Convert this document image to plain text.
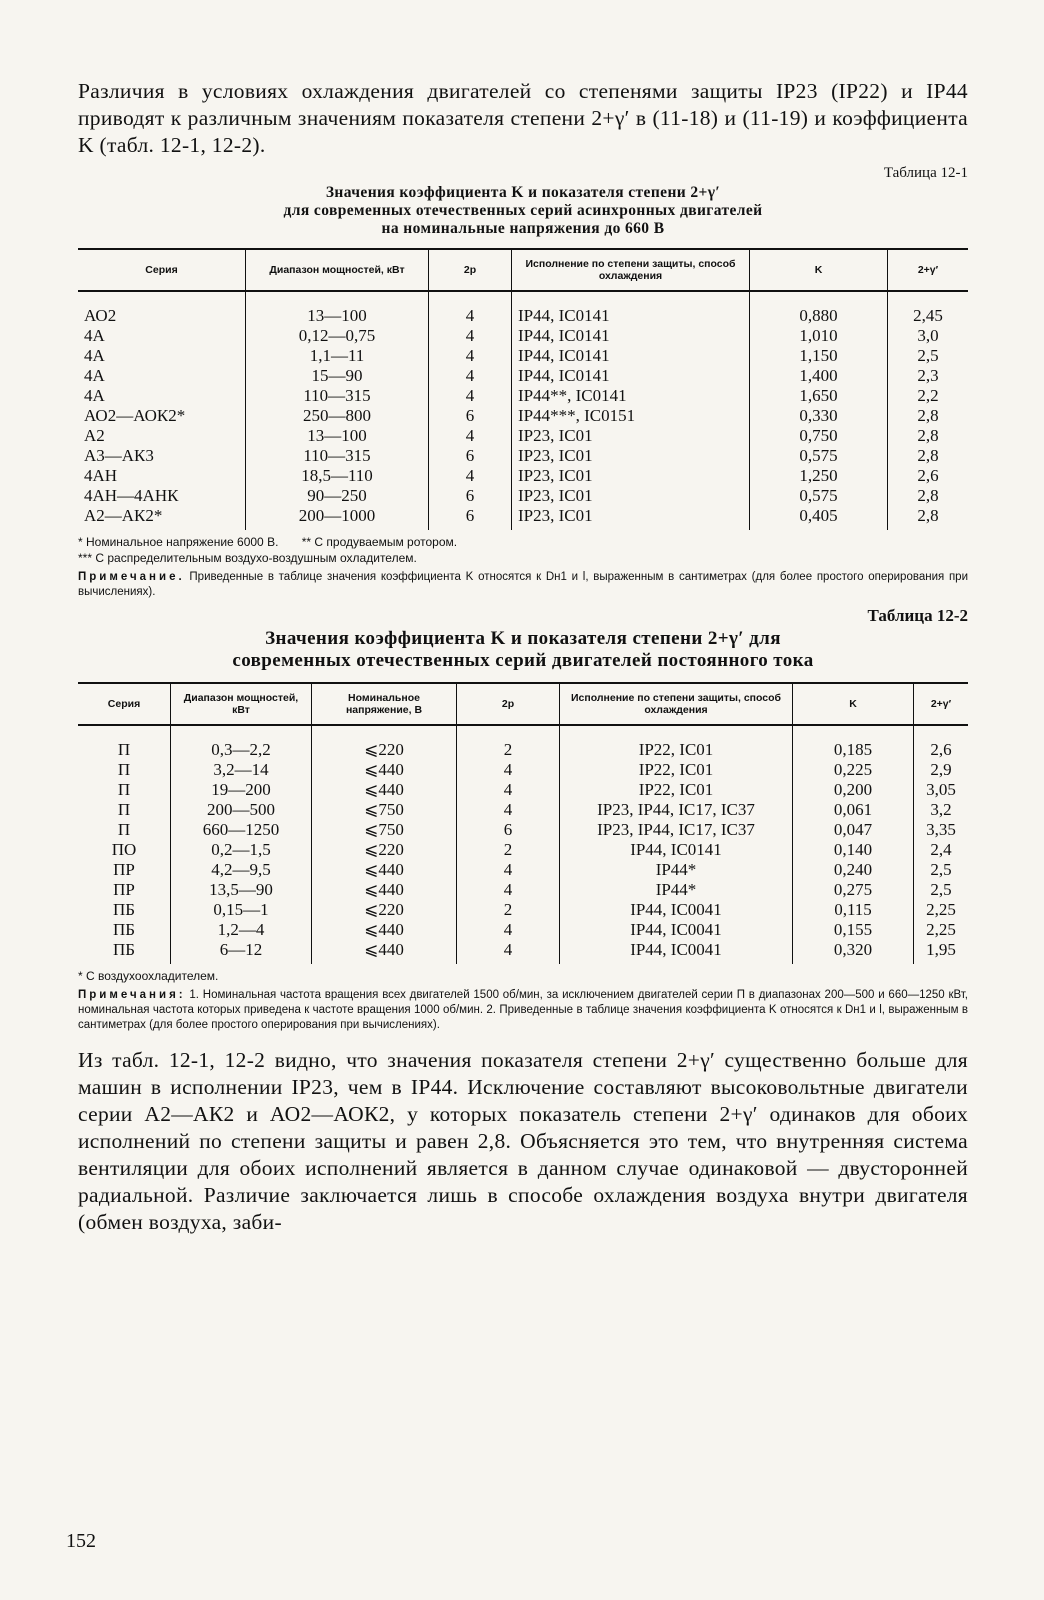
Различия в условиях охлаждения двигателей со степенями защиты IP23 (IP22) и IP44 приводят к различным значениям показателя степени 2+γ′ в (11-18) и (11-19) и коэффициента K (табл. 12-1, 12-2).

Таблица 12-1
Значения коэффициента K и показателя степени 2+γ′
для современных отечественных серий асинхронных двигателей
на номинальные напряжения до 660 В
Серия	Диапазон мощностей, кВт	2p	Исполнение по степени защиты, способ охлаждения	K	2+γ′
АО2	13—100	4	IP44, IC0141	0,880	2,45
4А	0,12—0,75	4	IP44, IC0141	1,010	3,0
4А	1,1—11	4	IP44, IC0141	1,150	2,5
4А	15—90	4	IP44, IC0141	1,400	2,3
4А	110—315	4	IP44**, IC0141	1,650	2,2
АО2—АОК2*	250—800	6	IP44***, IC0151	0,330	2,8
А2	13—100	4	IP23, IC01	0,750	2,8
А3—АК3	110—315	6	IP23, IC01	0,575	2,8
4АН	18,5—110	4	IP23, IC01	1,250	2,6
4АН—4АНК	90—250	6	IP23, IC01	0,575	2,8
А2—АК2*	200—1000	6	IP23, IC01	0,405	2,8
* Номинальное напряжение 6000 В. ** С продуваемым ротором.
*** С распределительным воздухо-воздушным охладителем.
Примечание. Приведенные в таблице значения коэффициента K относятся к Dн1 и l, выраженным в сантиметрах (для более простого оперирования при вычислениях).
Таблица 12-2
Значения коэффициента K и показателя степени 2+γ′ для
современных отечественных серий двигателей постоянного тока
Серия	Диапазон мощностей, кВт	Номинальное напряжение, В	2p	Исполнение по степени защиты, способ охлаждения	K	2+γ′
П	0,3—2,2	⩽220	2	IP22, IC01	0,185	2,6
П	3,2—14	⩽440	4	IP22, IC01	0,225	2,9
П	19—200	⩽440	4	IP22, IC01	0,200	3,05
П	200—500	⩽750	4	IP23, IP44, IC17, IC37	0,061	3,2
П	660—1250	⩽750	6	IP23, IP44, IC17, IC37	0,047	3,35
ПО	0,2—1,5	⩽220	2	IP44, IC0141	0,140	2,4
ПР	4,2—9,5	⩽440	4	IP44*	0,240	2,5
ПР	13,5—90	⩽440	4	IP44*	0,275	2,5
ПБ	0,15—1	⩽220	2	IP44, IC0041	0,115	2,25
ПБ	1,2—4	⩽440	4	IP44, IC0041	0,155	2,25
ПБ	6—12	⩽440	4	IP44, IC0041	0,320	1,95
* С воздухоохладителем.
Примечания: 1. Номинальная частота вращения всех двигателей 1500 об/мин, за исключением двигателей серии П в диапазонах 200—500 и 660—1250 кВт, номинальная частота которых приведена к частоте вращения 1000 об/мин. 2. Приведенные в таблице значения коэффициента K относятся к Dн1 и l, выраженным в сантиметрах (для более простого оперирования при вычислениях).

Из табл. 12-1, 12-2 видно, что значения показателя степени 2+γ′ существенно больше для машин в исполнении IP23, чем в IP44. Исключение составляют высоковольтные двигатели серии А2—АК2 и АО2—АОК2, у которых показатель степени 2+γ′ одинаков для обоих исполнений по степени защиты и равен 2,8. Объясняется это тем, что внутренняя система вентиляции для обоих исполнений является в данном случае одинаковой — двусторонней радиальной. Различие заключается лишь в способе охлаждения воздуха внутри двигателя (обмен воздуха, заби-

152
